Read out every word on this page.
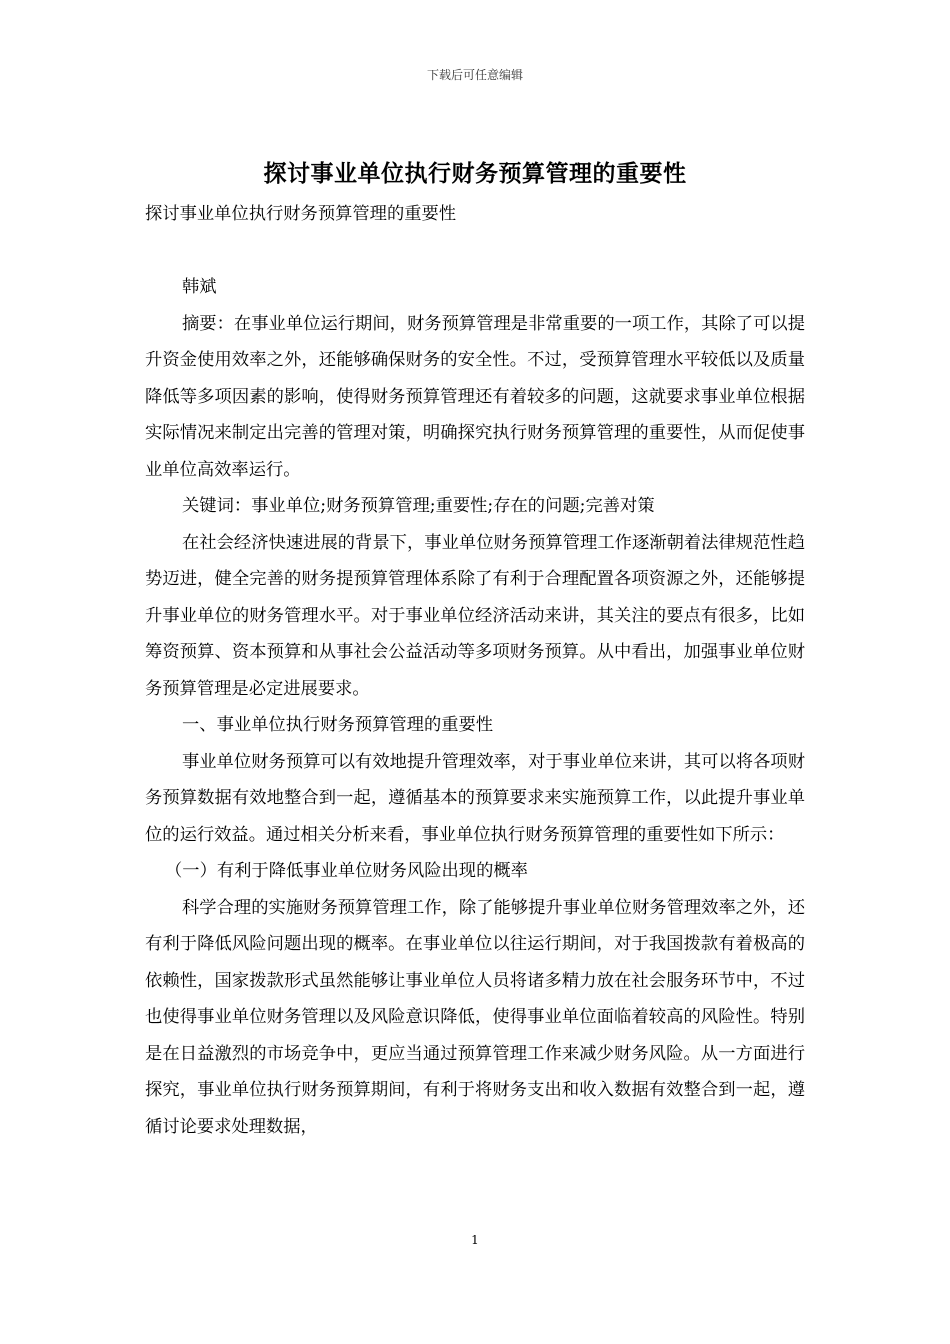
下载后可任意编辑
探讨事业单位执行财务预算管理的重要性

探讨事业单位执行财务预算管理的重要性

韩斌

摘要：在事业单位运行期间，财务预算管理是非常重要的一项工作，其除了可以提升资金使用效率之外，还能够确保财务的安全性。不过，受预算管理水平较低以及质量降低等多项因素的影响，使得财务预算管理还有着较多的问题，这就要求事业单位根据实际情况来制定出完善的管理对策，明确探究执行财务预算管理的重要性，从而促使事业单位高效率运行。

关键词：事业单位;财务预算管理;重要性;存在的问题;完善对策

在社会经济快速进展的背景下，事业单位财务预算管理工作逐渐朝着法律规范性趋势迈进，健全完善的财务提预算管理体系除了有利于合理配置各项资源之外，还能够提升事业单位的财务管理水平。对于事业单位经济活动来讲，其关注的要点有很多，比如筹资预算、资本预算和从事社会公益活动等多项财务预算。从中看出，加强事业单位财务预算管理是必定进展要求。

一、事业单位执行财务预算管理的重要性

事业单位财务预算可以有效地提升管理效率，对于事业单位来讲，其可以将各项财务预算数据有效地整合到一起，遵循基本的预算要求来实施预算工作，以此提升事业单位的运行效益。通过相关分析来看，事业单位执行财务预算管理的重要性如下所示：

（一）有利于降低事业单位财务风险出现的概率

科学合理的实施财务预算管理工作，除了能够提升事业单位财务管理效率之外，还有利于降低风险问题出现的概率。在事业单位以往运行期间，对于我国拨款有着极高的依赖性，国家拨款形式虽然能够让事业单位人员将诸多精力放在社会服务环节中，不过也使得事业单位财务管理以及风险意识降低，使得事业单位面临着较高的风险性。特别是在日益激烈的市场竞争中，更应当通过预算管理工作来减少财务风险。从一方面进行探究，事业单位执行财务预算期间，有利于将财务支出和收入数据有效整合到一起，遵循讨论要求处理数据，

1
